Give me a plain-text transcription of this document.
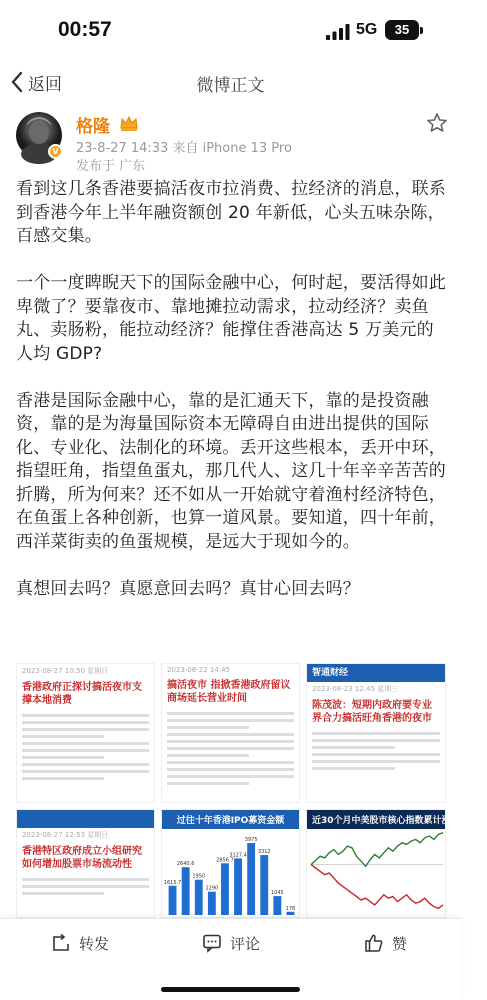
00:57	5G	35
返回	微博正文
V
格隆
23-8-27 14:33 来自 iPhone 13 Pro
发布于 广东

看到这几条香港要搞活夜市拉消费、拉经济的消息，联系到香港今年上半年融资额创 20 年新低，心头五味杂陈，百感交集。

一个一度睥睨天下的国际金融中心，何时起，要活得如此卑微了？要靠夜市、靠地摊拉动需求，拉动经济？卖鱼丸、卖肠粉，能拉动经济？能撑住香港高达 5 万美元的人均 GDP?

香港是国际金融中心，靠的是汇通天下，靠的是投资融资，靠的是为海量国际资本无障碍自由进出提供的国际化、专业化、法制化的环境。丢开这些根本，丢开中环，指望旺角，指望鱼蛋丸，那几代人、这几十年辛辛苦苦的折腾，所为何来？还不如从一开始就守着渔村经济特色，在鱼蛋上各种创新，也算一道风景。要知道，四十年前，西洋菜街卖的鱼蛋规模，是远大于现如今的。

真想回去吗？真愿意回去吗？真甘心回去吗？

2023-08-27 10:50 星期日
香港政府正探讨搞活夜市支撑本地消费
2023-08-22 14:45
搞活夜市 指掀香港政府留议商场延长营业时间
智通财经
2023-08-23 12:45 星期三
陈茂波：短期内政府要专业界合力搞活旺角香港的夜市
2023-08-27 12:53 星期日
香港特区政府成立小组研究如何增加股票市场流动性
过往十年香港IPO募资金额
1615.7
2640.6
1950
1290
2856.7
3127.4
3975
3312
1045
178
近30个月中美股市核心指数累计涨跌幅对比
转发	评论	赞
